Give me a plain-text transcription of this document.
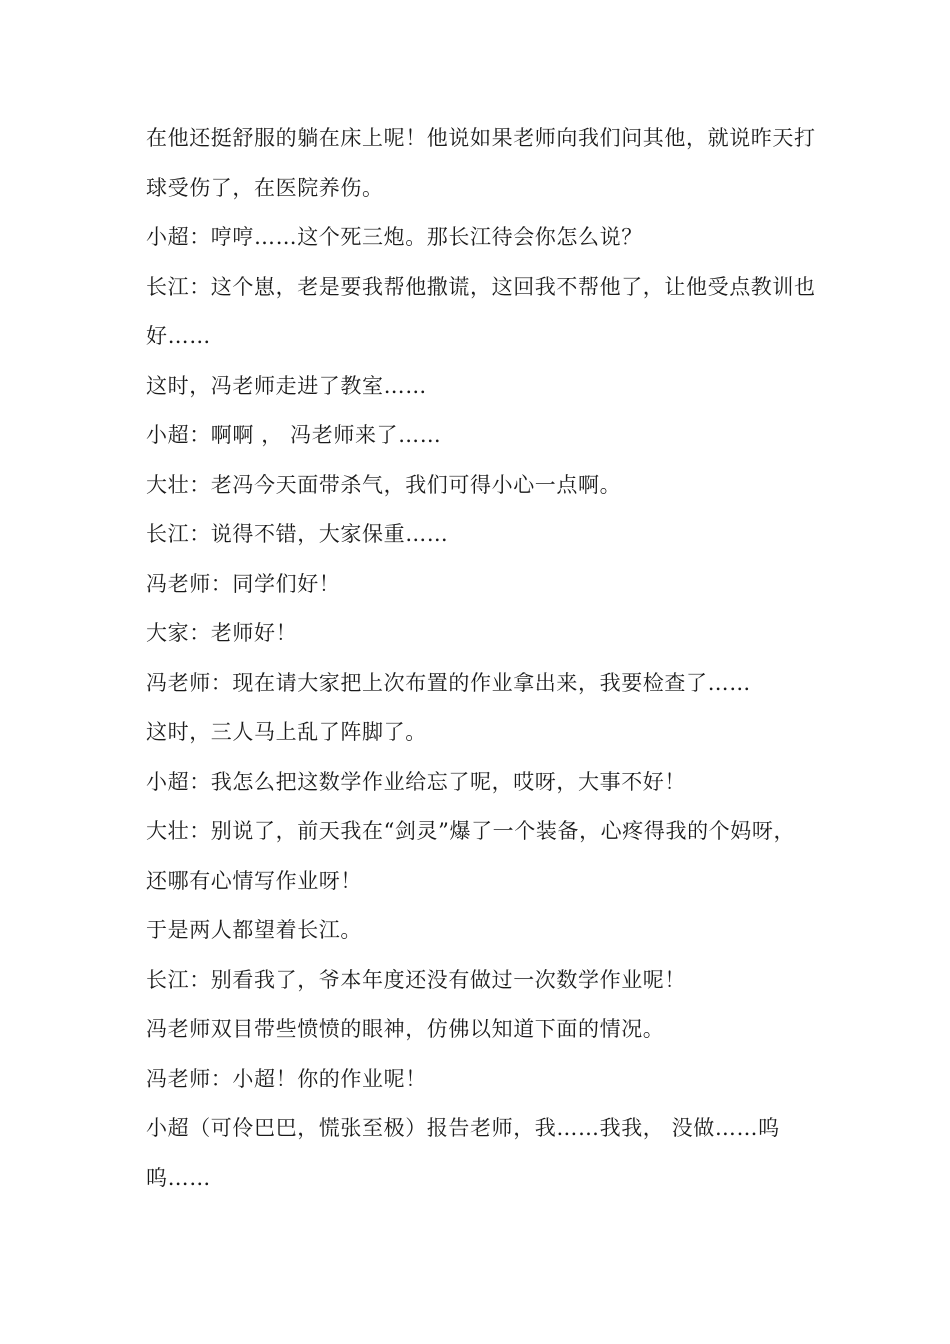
在他还挺舒服的躺在床上呢！他说如果老师向我们问其他，就说昨天打球受伤了，在医院养伤。

小超：哼哼……这个死三炮。那长江待会你怎么说？

长江：这个崽，老是要我帮他撒谎，这回我不帮他了，让他受点教训也好……

这时，冯老师走进了教室……

小超：啊啊 ， 冯老师来了……

大壮：老冯今天面带杀气，我们可得小心一点啊。

长江：说得不错，大家保重……

冯老师：同学们好！

大家：老师好！

冯老师：现在请大家把上次布置的作业拿出来，我要检查了……

这时，三人马上乱了阵脚了。

小超：我怎么把这数学作业给忘了呢，哎呀，大事不好！

大壮：别说了，前天我在“剑灵”爆了一个装备，心疼得我的个妈呀，还哪有心情写作业呀！

于是两人都望着长江。

长江：别看我了，爷本年度还没有做过一次数学作业呢！

冯老师双目带些愤愤的眼神，仿佛以知道下面的情况。

冯老师：小超！你的作业呢！

小超（可伶巴巴，慌张至极）报告老师，我……我我， 没做……呜呜……
